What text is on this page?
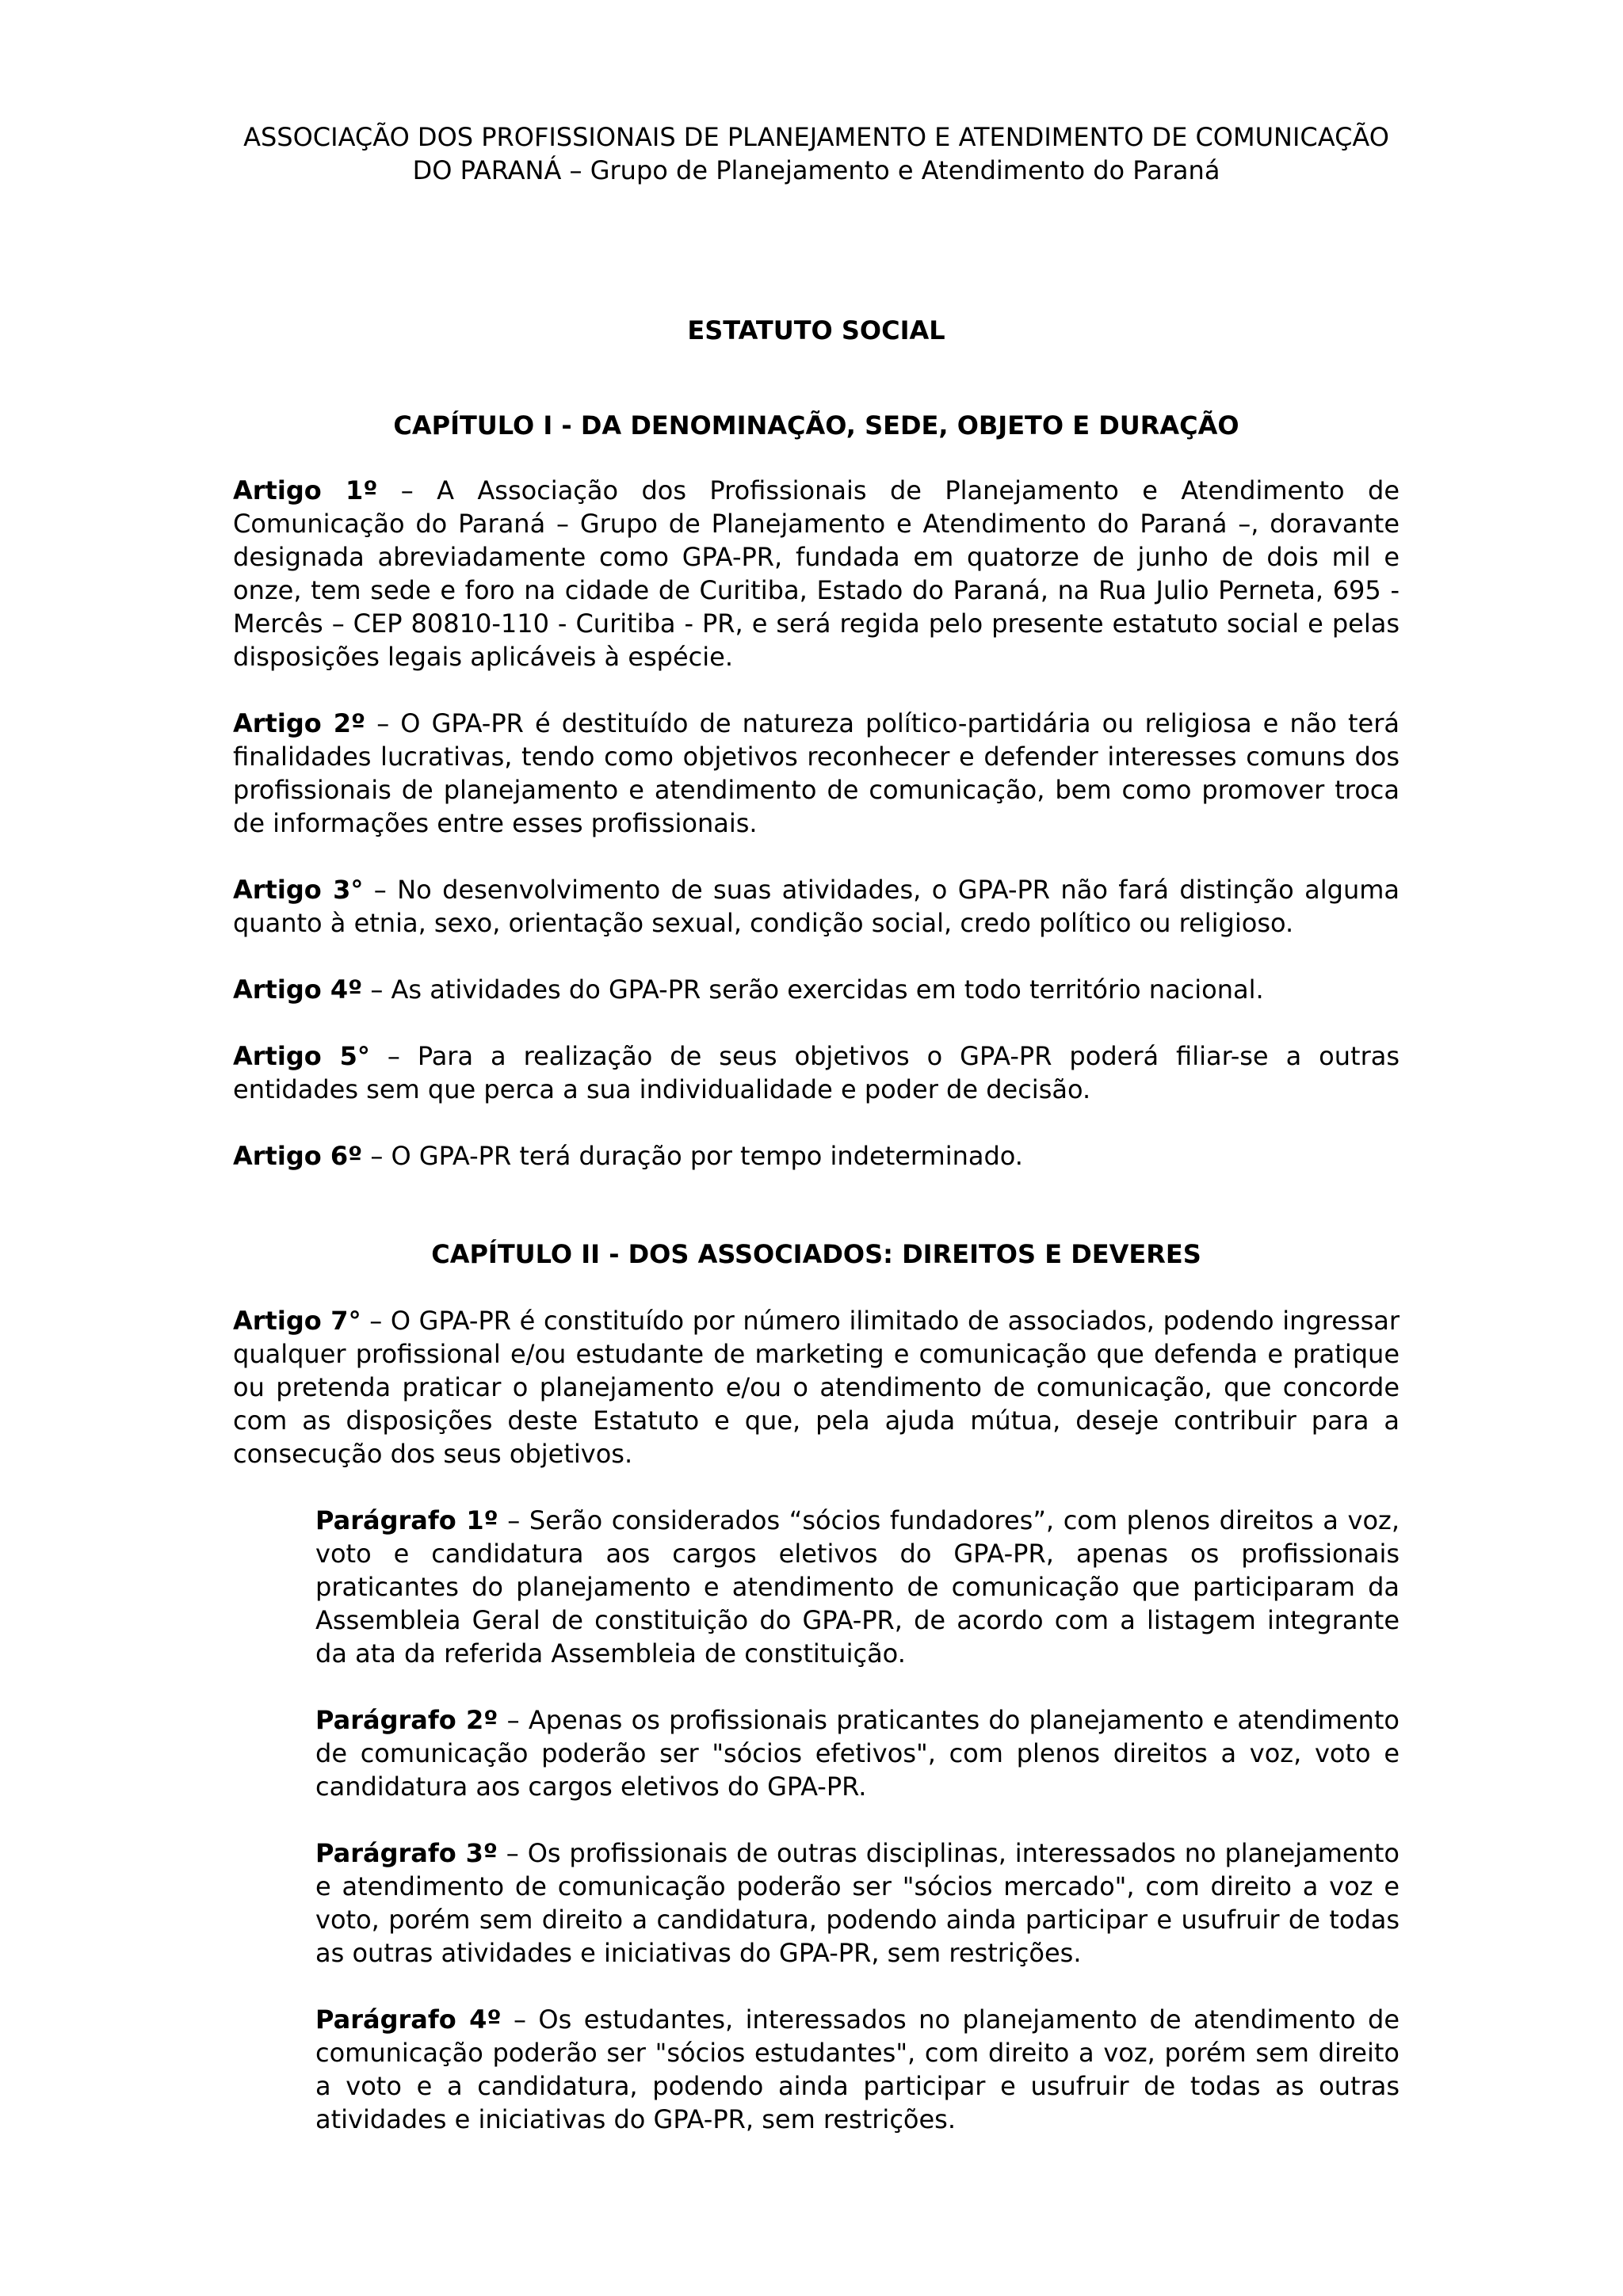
ASSOCIAÇÃO DOS PROFISSIONAIS DE PLANEJAMENTO E ATENDIMENTO DE COMUNICAÇÃO

DO PARANÁ – Grupo de Planejamento e Atendimento do Paraná

ESTATUTO SOCIAL
CAPÍTULO I - DA DENOMINAÇÃO, SEDE, OBJETO E DURAÇÃO

Artigo 1º – A Associação dos Profissionais de Planejamento e Atendimento de Comunicação do Paraná – Grupo de Planejamento e Atendimento do Paraná –, doravante designada abreviadamente como GPA-PR, fundada em quatorze de junho de dois mil e onze, tem sede e foro na cidade de Curitiba, Estado do Paraná, na Rua Julio Perneta, 695 - Mercês – CEP 80810-110 - Curitiba - PR, e será regida pelo presente estatuto social e pelas disposições legais aplicáveis à espécie.

Artigo 2º – O GPA-PR é destituído de natureza político-partidária ou religiosa e não terá finalidades lucrativas, tendo como objetivos reconhecer e defender interesses comuns dos profissionais de planejamento e atendimento de comunicação, bem como promover troca de informações entre esses profissionais.

Artigo 3° – No desenvolvimento de suas atividades, o GPA-PR não fará distinção alguma quanto à etnia, sexo, orientação sexual, condição social, credo político ou religioso.

Artigo 4º – As atividades do GPA-PR serão exercidas em todo território nacional.

Artigo 5° – Para a realização de seus objetivos o GPA-PR poderá filiar-se a outras entidades sem que perca a sua individualidade e poder de decisão.

Artigo 6º – O GPA-PR terá duração por tempo indeterminado.

CAPÍTULO II - DOS ASSOCIADOS: DIREITOS E DEVERES

Artigo 7° – O GPA-PR é constituído por número ilimitado de associados, podendo ingressar qualquer profissional e/ou estudante de marketing e comunicação que defenda e pratique ou pretenda praticar o planejamento e/ou o atendimento de comunicação, que concorde com as disposições deste Estatuto e que, pela ajuda mútua, deseje contribuir para a consecução dos seus objetivos.

Parágrafo 1º – Serão considerados “sócios fundadores”, com plenos direitos a voz, voto e candidatura aos cargos eletivos do GPA-PR, apenas os profissionais praticantes do planejamento e atendimento de comunicação que participaram da Assembleia Geral de constituição do GPA-PR, de acordo com a listagem integrante da ata da referida Assembleia de constituição.

Parágrafo 2º – Apenas os profissionais praticantes do planejamento e atendimento de comunicação poderão ser "sócios efetivos", com plenos direitos a voz, voto e candidatura aos cargos eletivos do GPA-PR.

Parágrafo 3º – Os profissionais de outras disciplinas, interessados no planejamento e atendimento de comunicação poderão ser "sócios mercado", com direito a voz e voto, porém sem direito a candidatura, podendo ainda participar e usufruir de todas as outras atividades e iniciativas do GPA-PR, sem restrições.

Parágrafo 4º – Os estudantes, interessados no planejamento de atendimento de comunicação poderão ser "sócios estudantes", com direito a voz, porém sem direito a voto e a candidatura, podendo ainda participar e usufruir de todas as outras atividades e iniciativas do GPA-PR, sem restrições.
